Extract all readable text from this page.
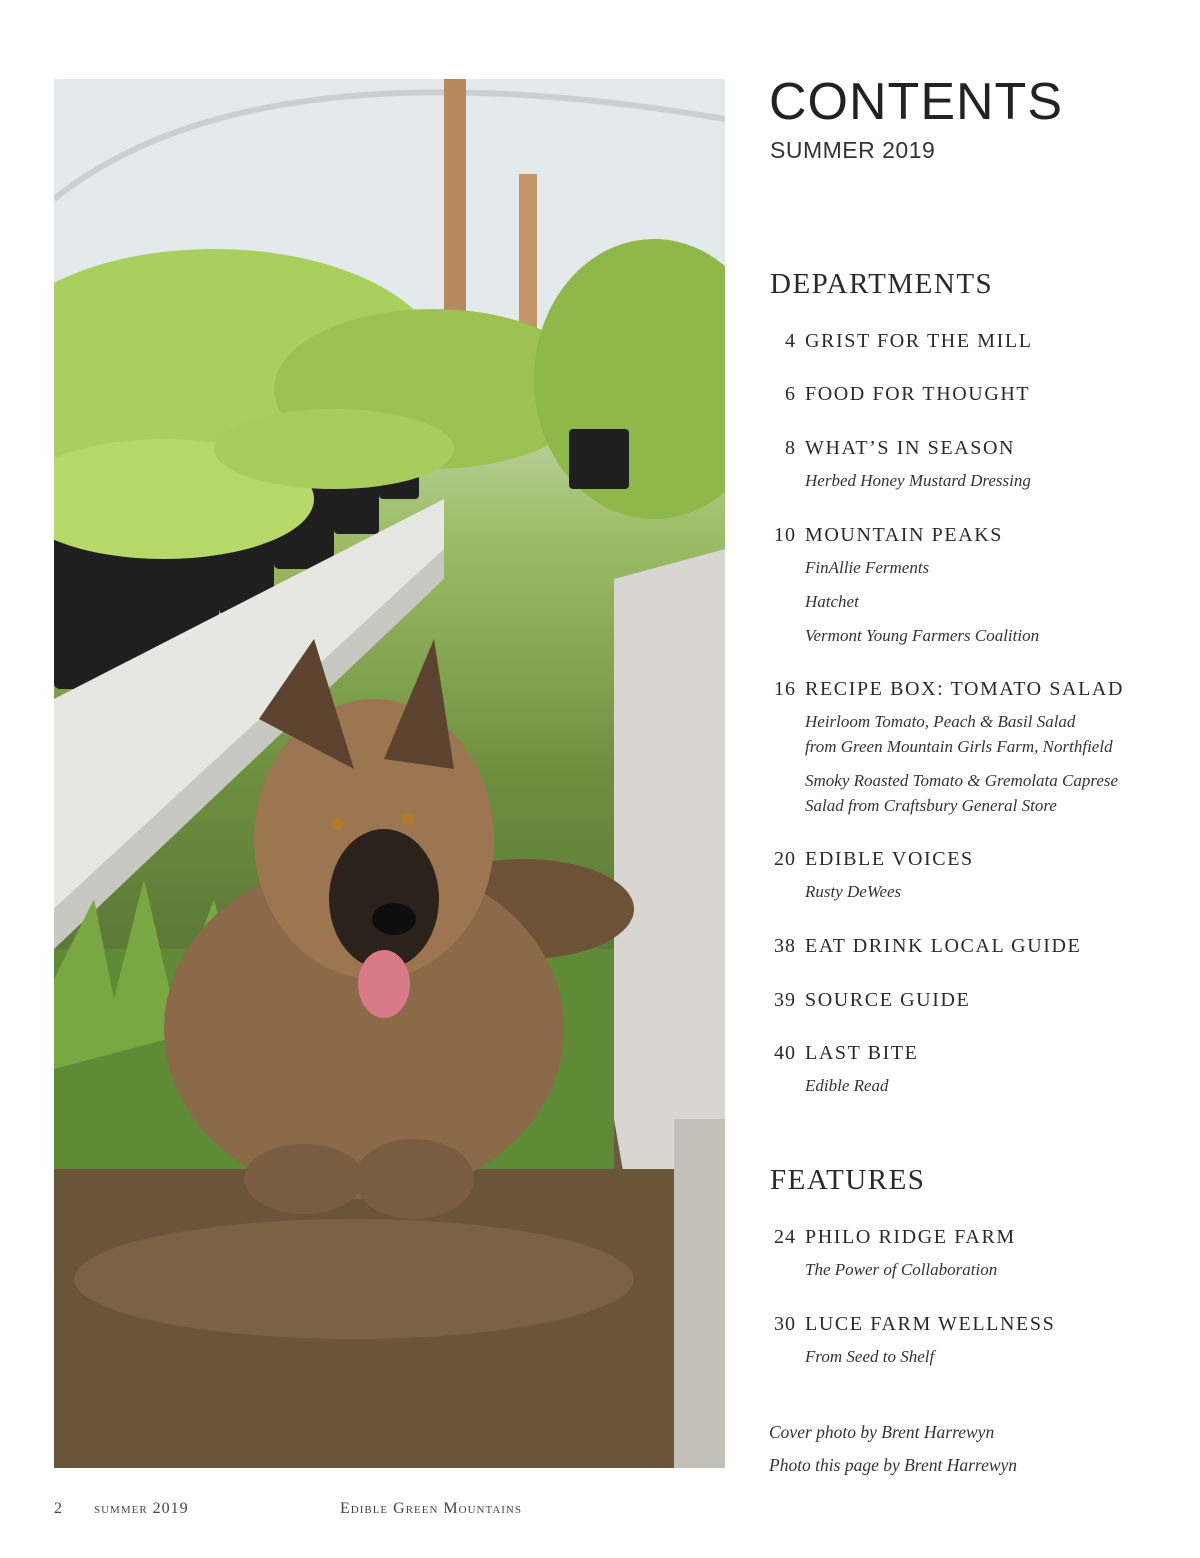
CONTENTS
SUMMER 2019
DEPARTMENTS
4 GRIST FOR THE MILL
6 FOOD FOR THOUGHT
8 WHAT’S IN SEASON
Herbed Honey Mustard Dressing
10 MOUNTAIN PEAKS
FinAllie Ferments
Hatchet
Vermont Young Farmers Coalition
16 RECIPE BOX: TOMATO SALAD
Heirloom Tomato, Peach & Basil Salad
from Green Mountain Girls Farm, Northfield
Smoky Roasted Tomato & Gremolata Caprese
Salad from Craftsbury General Store
20 EDIBLE VOICES
Rusty DeWees
38 EAT DRINK LOCAL GUIDE
39 SOURCE GUIDE
40 LAST BITE
Edible Read
FEATURES
24 PHILO RIDGE FARM
The Power of Collaboration
30 LUCE FARM WELLNESS
From Seed to Shelf
Cover photo by Brent Harrewyn
Photo this page by Brent Harrewyn
2 summer 2019	Edible Green Mountains
